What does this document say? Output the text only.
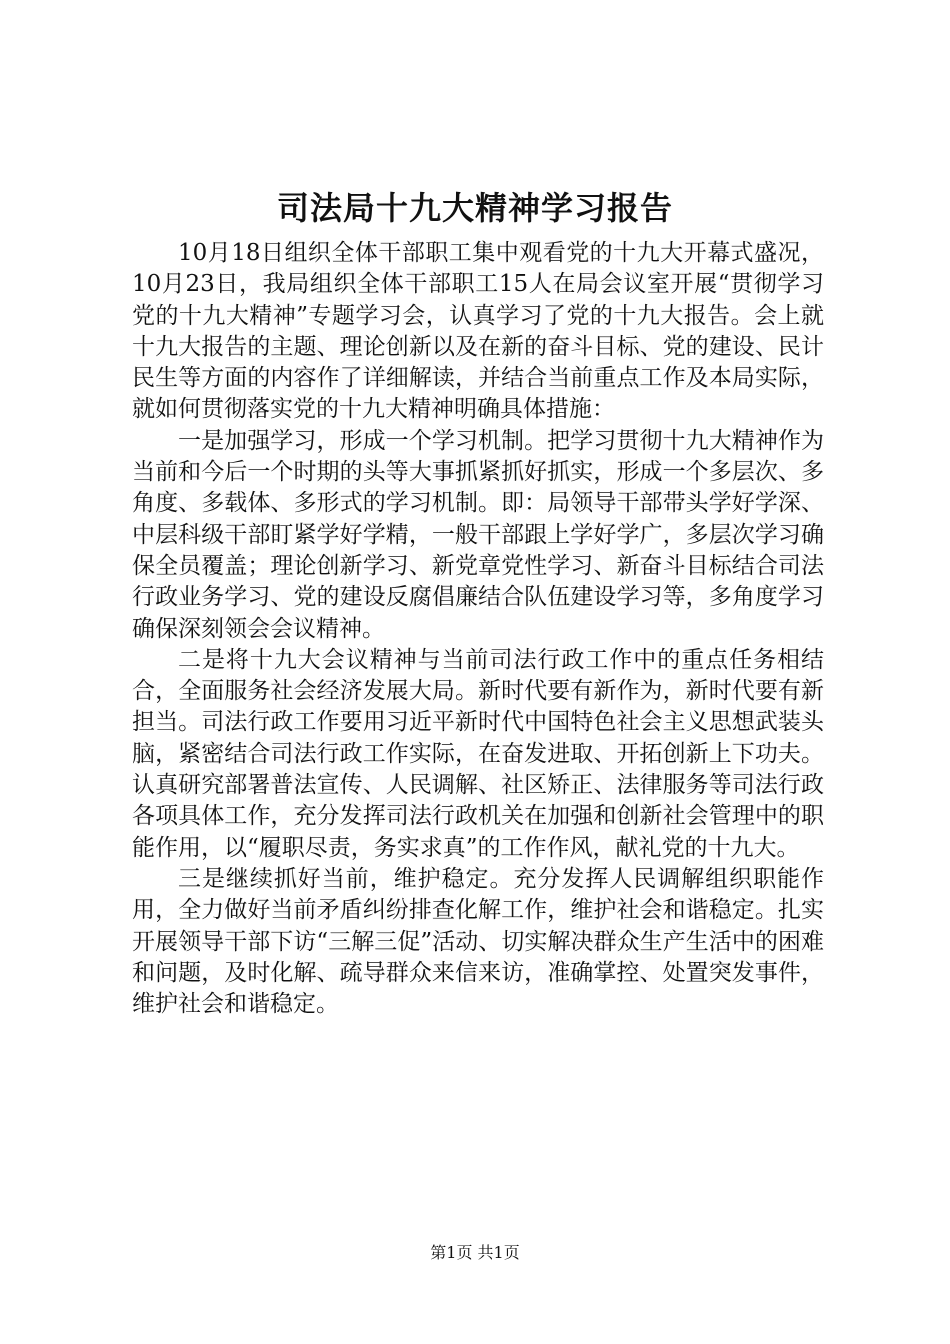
司法局十九大精神学习报告

10月18日组织全体干部职工集中观看党的十九大开幕式盛况，10月23日，我局组织全体干部职工15人在局会议室开展“贯彻学习党的十九大精神”专题学习会，认真学习了党的十九大报告。会上就十九大报告的主题、理论创新以及在新的奋斗目标、党的建设、民计民生等方面的内容作了详细解读，并结合当前重点工作及本局实际，就如何贯彻落实党的十九大精神明确具体措施：

一是加强学习，形成一个学习机制。把学习贯彻十九大精神作为当前和今后一个时期的头等大事抓紧抓好抓实，形成一个多层次、多角度、多载体、多形式的学习机制。即：局领导干部带头学好学深、中层科级干部盯紧学好学精，一般干部跟上学好学广，多层次学习确保全员覆盖；理论创新学习、新党章党性学习、新奋斗目标结合司法行政业务学习、党的建设反腐倡廉结合队伍建设学习等，多角度学习确保深刻领会会议精神。

二是将十九大会议精神与当前司法行政工作中的重点任务相结合，全面服务社会经济发展大局。新时代要有新作为，新时代要有新担当。司法行政工作要用习近平新时代中国特色社会主义思想武装头脑，紧密结合司法行政工作实际，在奋发进取、开拓创新上下功夫。认真研究部署普法宣传、人民调解、社区矫正、法律服务等司法行政各项具体工作，充分发挥司法行政机关在加强和创新社会管理中的职能作用，以“履职尽责，务实求真”的工作作风，献礼党的十九大。

三是继续抓好当前，维护稳定。充分发挥人民调解组织职能作用，全力做好当前矛盾纠纷排查化解工作，维护社会和谐稳定。扎实开展领导干部下访“三解三促”活动、切实解决群众生产生活中的困难和问题，及时化解、疏导群众来信来访，准确掌控、处置突发事件，维护社会和谐稳定。

第1页 共1页
